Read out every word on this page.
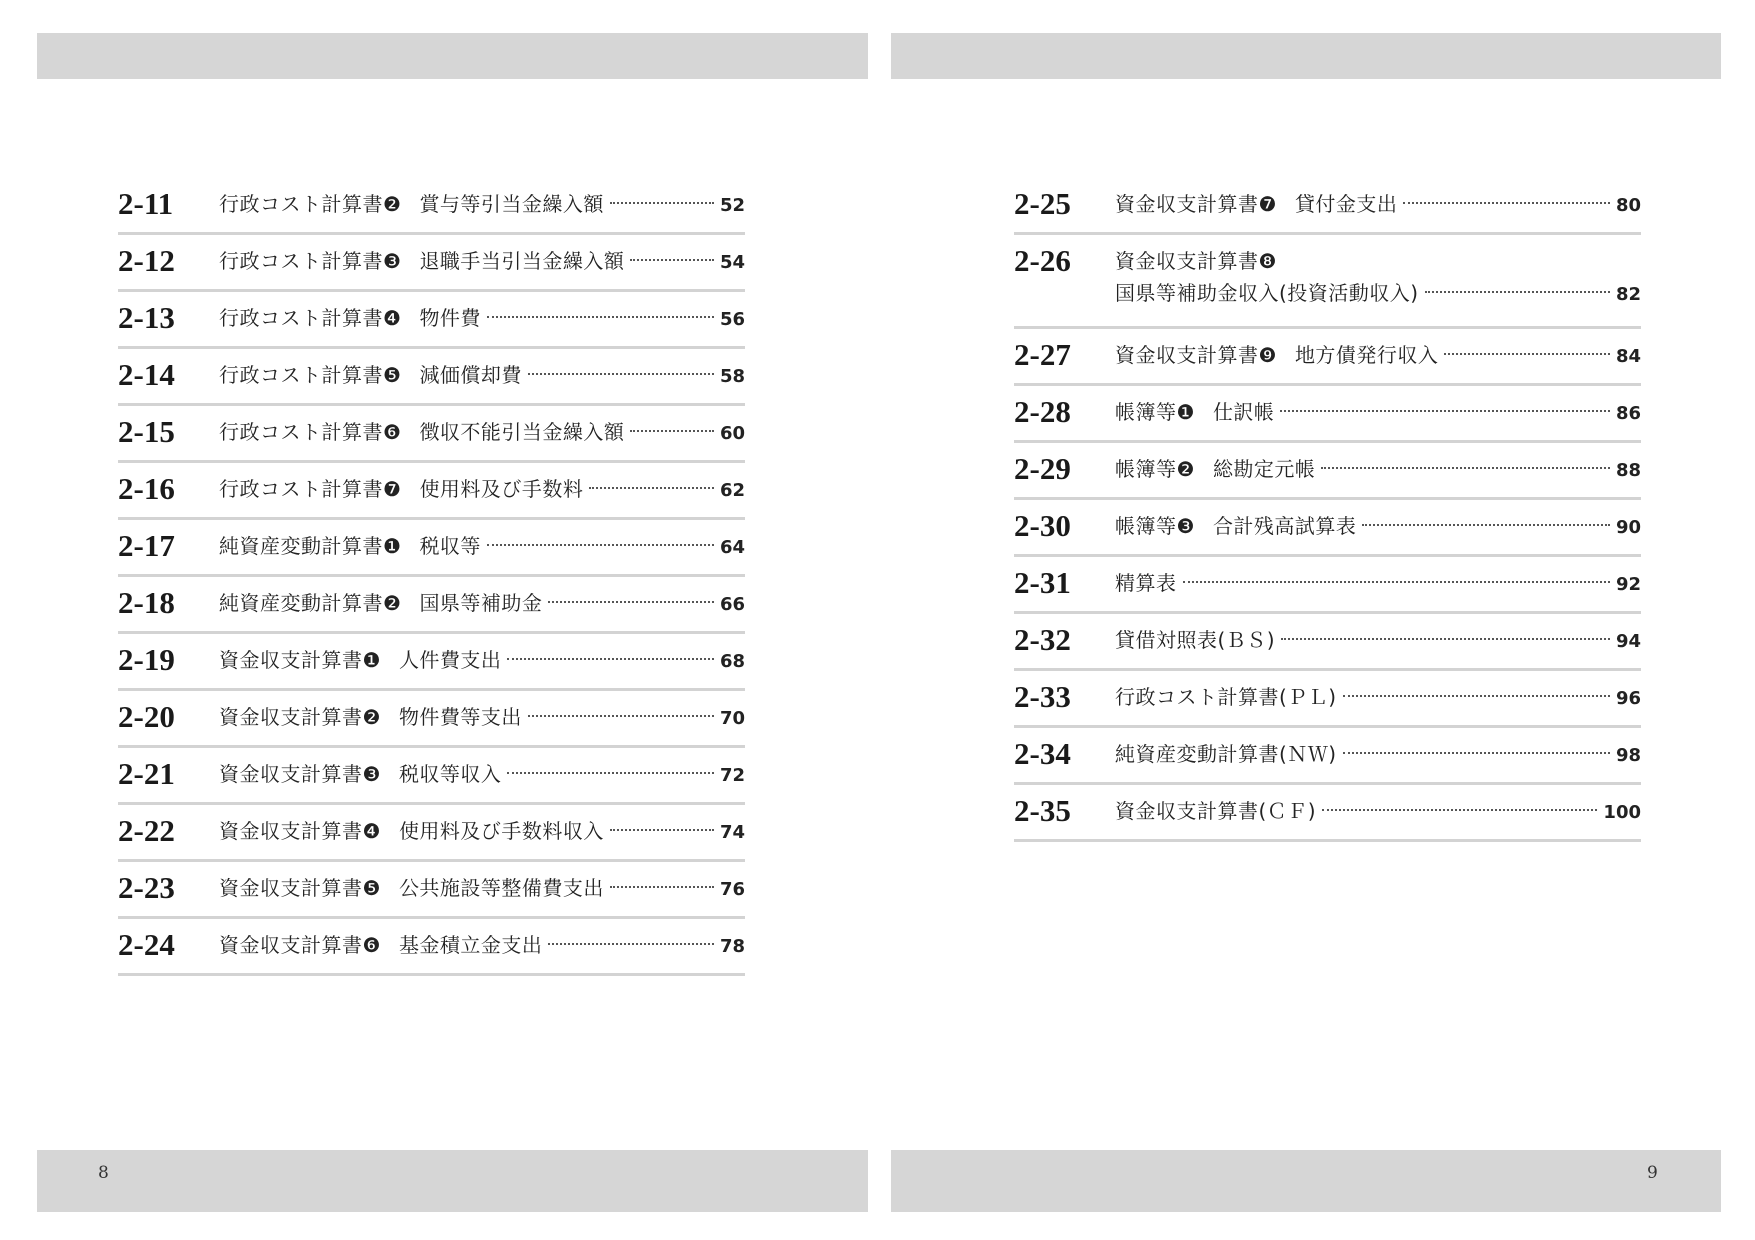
8	9
2-11	行政コスト計算書❷ 賞与等引当金繰入額	52
2-12	行政コスト計算書❸ 退職手当引当金繰入額	54
2-13	行政コスト計算書❹ 物件費	56
2-14	行政コスト計算書❺ 減価償却費	58
2-15	行政コスト計算書❻ 徴収不能引当金繰入額	60
2-16	行政コスト計算書❼ 使用料及び手数料	62
2-17	純資産変動計算書❶ 税収等	64
2-18	純資産変動計算書❷ 国県等補助金	66
2-19	資金収支計算書❶ 人件費支出	68
2-20	資金収支計算書❷ 物件費等支出	70
2-21	資金収支計算書❸ 税収等収入	72
2-22	資金収支計算書❹ 使用料及び手数料収入	74
2-23	資金収支計算書❺ 公共施設等整備費支出	76
2-24	資金収支計算書❻ 基金積立金支出	78
2-25	資金収支計算書❼ 貸付金支出	80
2-26	資金収支計算書❽
国県等補助金収入(投資活動収入)	82
2-27	資金収支計算書❾ 地方債発行収入	84
2-28	帳簿等❶ 仕訳帳	86
2-29	帳簿等❷ 総勘定元帳	88
2-30	帳簿等❸ 合計残高試算表	90
2-31	精算表	92
2-32	貸借対照表(ＢＳ)	94
2-33	行政コスト計算書(ＰＬ)	96
2-34	純資産変動計算書(ＮＷ)	98
2-35	資金収支計算書(ＣＦ)	100
